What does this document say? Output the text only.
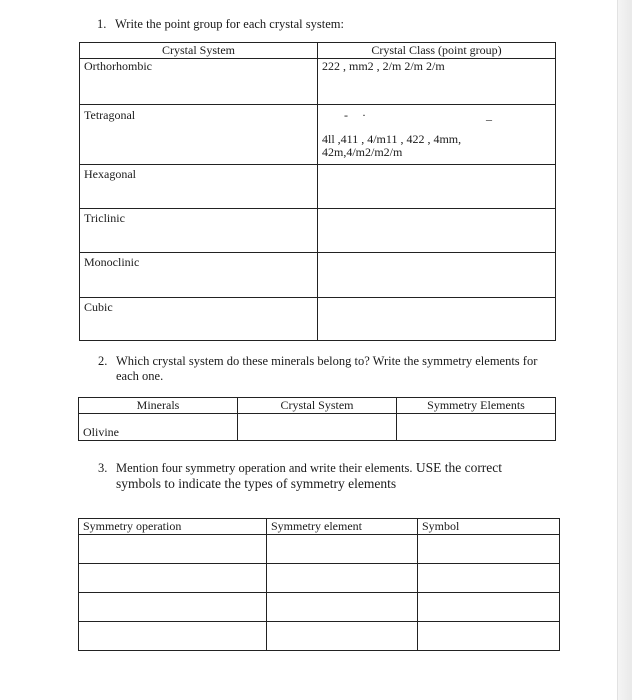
1. Write the point group for each crystal system:
Crystal System	Crystal Class (point group)
Orthorhombic	222 , mm2 , 2/m 2/m 2/m
Tetragonal	- · _
4ll ,411 , 4/m11 , 422 , 4mm,
42m,4/m2/m2/m

Hexagonal	
Triclinic	
Monoclinic	
Cubic	
2. Which crystal system do these minerals belong to? Write the symmetry elements for
each one.
Minerals	Crystal System	Symmetry Elements
Olivine		
3. Mention four symmetry operation and write their elements. USE the correct
symbols to indicate the types of symmetry elements
Symmetry operation	Symmetry element	Symbol
